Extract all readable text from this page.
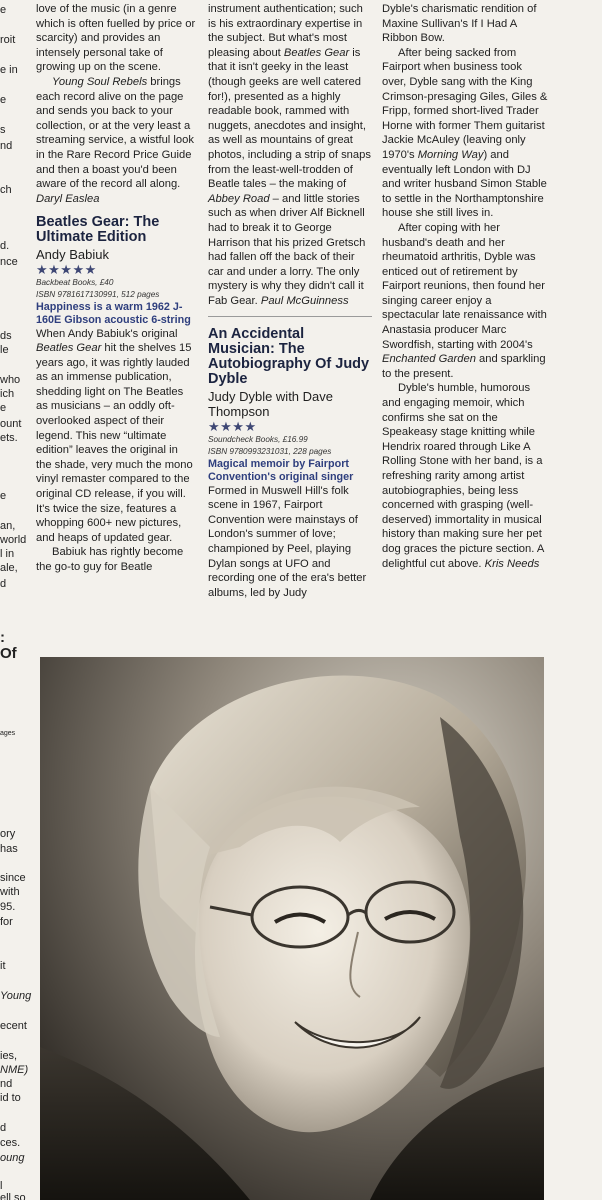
e
roit
e in
e
s
nd
ch
d.
nce
ds
le
who
ich
e
ount
ets.
e
an,
world
l in
ale,
d
:
Of
ages
ory
has
since
with
95.
for
it
Young
ecent
ies,
NME)
nd
id to
d
ces.
oung
l
ell so

love of the music (in a genre which is often fuelled by price or scarcity) and provides an intensely personal take of growing up on the scene.

Young Soul Rebels brings each record alive on the page and sends you back to your collection, or at the very least a streaming service, a wistful look in the Rare Record Price Guide and then a boast you'd been aware of the record all along. Daryl Easlea

Beatles Gear: The Ultimate Edition
Andy Babiuk
★★★★★
Backbeat Books, £40
ISBN 9781617130991, 512 pages
Happiness is a warm 1962 J-160E Gibson acoustic 6-string

When Andy Babiuk's original Beatles Gear hit the shelves 15 years ago, it was rightly lauded as an immense publication, shedding light on The Beatles as musicians – an oddly oft-overlooked aspect of their legend. This new “ultimate edition” leaves the original in the shade, very much the mono vinyl remaster compared to the original CD release, if you will. It's twice the size, features a whopping 600+ new pictures, and heaps of updated gear.

Babiuk has rightly become the go-to guy for Beatle

instrument authentication; such is his extraordinary expertise in the subject. But what's most pleasing about Beatles Gear is that it isn't geeky in the least (though geeks are well catered for!), presented as a highly readable book, rammed with nuggets, anecdotes and insight, as well as mountains of great photos, including a strip of snaps from the least-well-trodden of Beatle tales – the making of Abbey Road – and little stories such as when driver Alf Bicknell had to break it to George Harrison that his prized Gretsch had fallen off the back of their car and under a lorry. The only mystery is why they didn't call it Fab Gear. Paul McGuinness

An Accidental Musician: The Autobiography Of Judy Dyble
Judy Dyble with Dave Thompson
★★★★
Soundcheck Books, £16.99
ISBN 9780993231031, 228 pages
Magical memoir by Fairport Convention's original singer

Formed in Muswell Hill's folk scene in 1967, Fairport Convention were mainstays of London's summer of love; championed by Peel, playing Dylan songs at UFO and recording one of the era's better albums, led by Judy

Dyble's charismatic rendition of Maxine Sullivan's If I Had A Ribbon Bow.

After being sacked from Fairport when business took over, Dyble sang with the King Crimson-presaging Giles, Giles & Fripp, formed short-lived Trader Horne with former Them guitarist Jackie McAuley (leaving only 1970's Morning Way) and eventually left London with DJ and writer husband Simon Stable to settle in the Northamptonshire house she still lives in.

After coping with her husband's death and her rheumatoid arthritis, Dyble was enticed out of retirement by Fairport reunions, then found her singing career enjoy a spectacular late renaissance with Anastasia producer Marc Swordfish, starting with 2004's Enchanted Garden and sparkling to the present.

Dyble's humble, humorous and engaging memoir, which confirms she sat on the Speakeasy stage knitting while Hendrix roared through Like A Rolling Stone with her band, is a refreshing rarity among artist autobiographies, being less concerned with grasping (well-deserved) immortality in musical history than making sure her pet dog graces the picture section. A delightful cut above. Kris Needs
